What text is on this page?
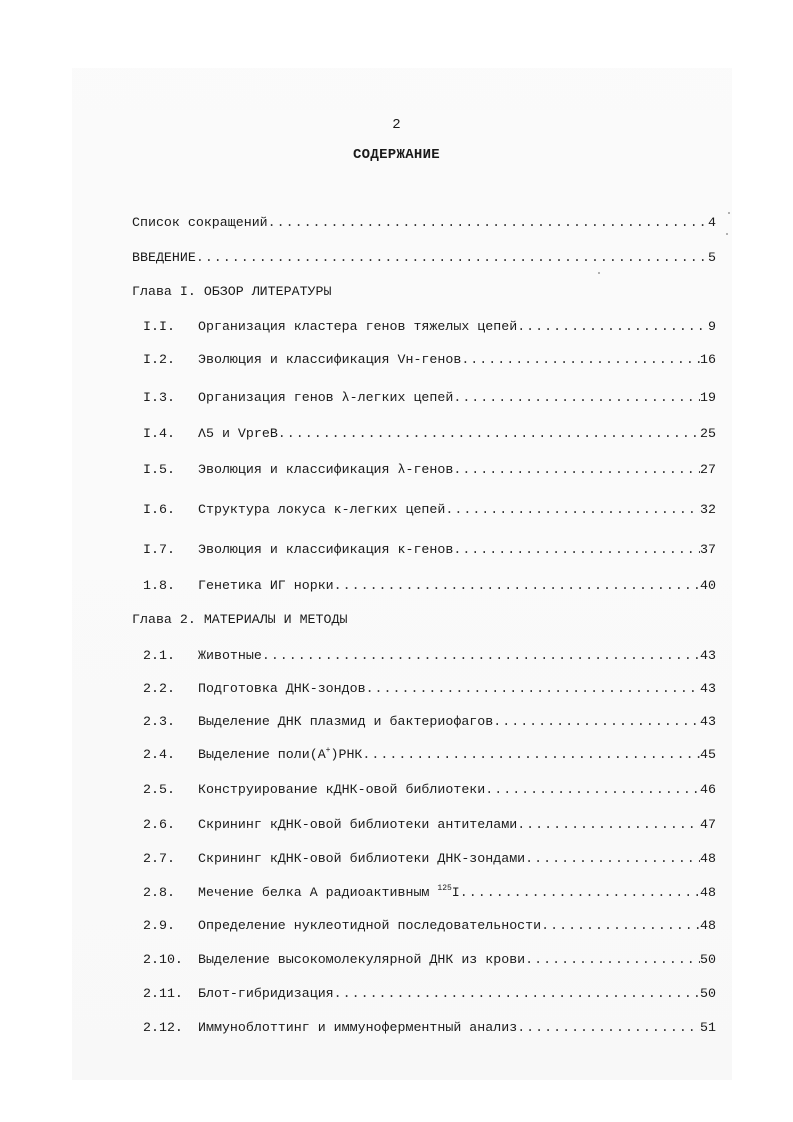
2
СОДЕРЖАНИЕ
Список сокращений .....	4
ВВЕДЕНИЕ .....	5
Глава I. ОБЗОР ЛИТЕРАТУРЫ
I.I.	Организация кластера генов тяжелых цепей .....	9
I.2.	Эволюция и классификация Vн-генов .....	16
I.3.	Организация генов λ-легких цепей .....	19
I.4.	Λ5 и VpreB .....	25
I.5.	Эволюция и классификация λ-генов .....	27
I.6.	Структура локуса κ-легких цепей .....	32
I.7.	Эволюция и классификация κ-генов .....	37
1.8.	Генетика ИГ норки .....	40
Глава 2. МАТЕРИАЛЫ И МЕТОДЫ
2.1.	Животные .....	43
2.2.	Подготовка ДНК-зондов .....	43
2.3.	Выделение ДНК плазмид и бактериофагов .....	43
2.4.	Выделение поли(А+)РНК .....	45
2.5.	Конструирование кДНК-овой библиотеки .....	46
2.6.	Скрининг кДНК-овой библиотеки антителами .....	47
2.7.	Скрининг кДНК-овой библиотеки ДНК-зондами .....	48
2.8.	Мечение белка А радиоактивным $^{125}$I .....	48
2.9.	Определение нуклеотидной последовательности .....	48
2.10.	Выделение высокомолекулярной ДНК из крови .....	50
2.11.	Блот-гибридизация .....	50
2.12.	Иммуноблоттинг и иммуноферментный анализ .....	51
